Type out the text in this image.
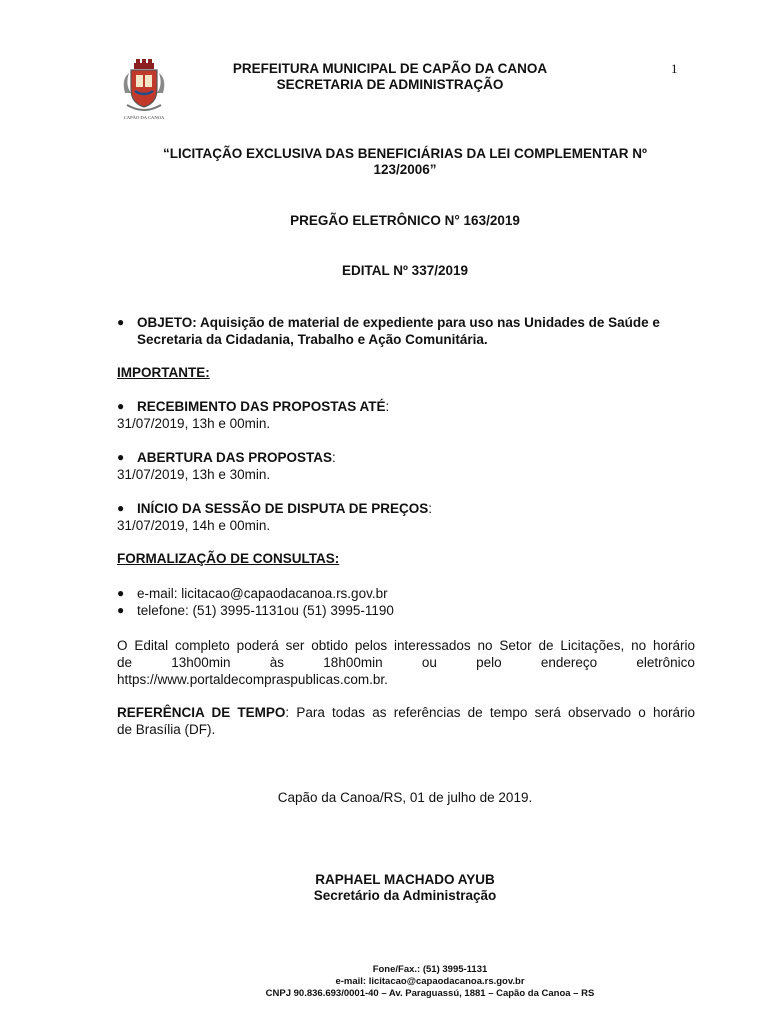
CAPÃO DA CANOA
PREFEITURA MUNICIPAL DE CAPÃO DA CANOA
SECRETARIA DE ADMINISTRAÇÃO
1
“LICITAÇÃO EXCLUSIVA DAS BENEFICIÁRIAS DA LEI COMPLEMENTAR Nº
123/2006”
PREGÃO ELETRÔNICO N° 163/2019
EDITAL Nº 337/2019
● OBJETO: Aquisição de material de expediente para uso nas Unidades de Saúde e
Secretaria da Cidadania, Trabalho e Ação Comunitária.
IMPORTANTE:
● RECEBIMENTO DAS PROPOSTAS ATÉ:
31/07/2019, 13h e 00min.
● ABERTURA DAS PROPOSTAS:
31/07/2019, 13h e 30min.
● INÍCIO DA SESSÃO DE DISPUTA DE PREÇOS:
31/07/2019, 14h e 00min.
FORMALIZAÇÃO DE CONSULTAS:
● e-mail: licitacao@capaodacanoa.rs.gov.br
● telefone: (51) 3995-1131ou (51) 3995-1190
O Edital completo poderá ser obtido pelos interessados no Setor de Licitações, no horário
de	13h00min	às	18h00min	ou	pelo	endereço	eletrônico
https://www.portaldecompraspublicas.com.br.
REFERÊNCIA DE TEMPO: Para todas as referências de tempo será observado o horário
de Brasília (DF).
Capão da Canoa/RS, 01 de julho de 2019.
RAPHAEL MACHADO AYUB
Secretário da Administração
Fone/Fax.: (51) 3995-1131
e-mail: licitacao@capaodacanoa.rs.gov.br
CNPJ 90.836.693/0001-40 – Av. Paraguassú, 1881 – Capão da Canoa – RS
